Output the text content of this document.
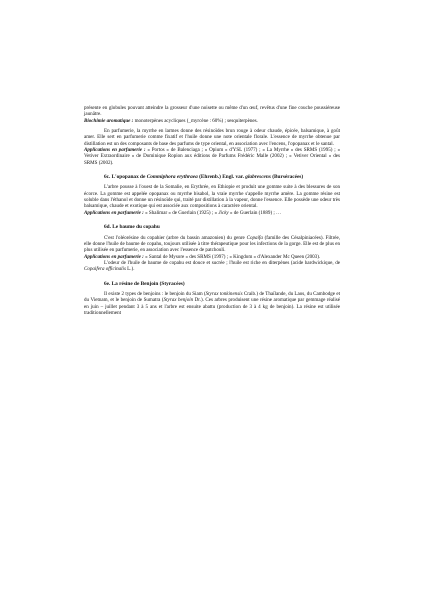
présente en globules pouvant atteindre la grosseur d'une noisette ou même d'un œuf, revêtus d'une fine couche poussiéreuse jaunâtre.

Biochimie aromatique : monoterpènes acycliques (_myrcène : 60%) ; sesquiterpènes.

En parfumerie, la myrrhe en larmes donne des résinoïdes brun rouge à odeur chaude, épicée, balsamique, à goût amer. Elle sert en parfumerie comme fixatif et l'huile donne une note orientale florale. L'essence de myrrhe obtenue par distillation est un des composants de base des parfums de type oriental, en association avec l'encens, l'opopanax et le santal.

Applications en parfumerie : « Portos » de Balenciaga ; « Opium » d'YSL (1977) ; « La Myrrhe » des SRMS (1995) ; « Vetiver Extraordinaire » de Dominique Ropion aux éditions de Parfums Frédéric Malle (2002) ; « Vetiver Oriental » des SRMS (2002).

6c. L'opopanax de Commiphora erythraea (Ehrenb.) Engl. var. glabrescens (Burséracées)

L'arbre pousse à l'ouest de la Somalie, en Erythrée, en Ethiopie et produit une gomme suite à des blessures de son écorce. La gomme est appelée opopanax ou myrrhe bisabol, la vraie myrrhe s'appelle myrrhe amère. La gomme résine est soluble dans l'éthanol et donne un résinoïde qui, traité par distillation à la vapeur, donne l'essence. Elle possède une odeur très balsamique, chaude et exotique qui est associée aux compositions à caractère oriental.

Applications en parfumerie : « Shalimar » de Guerlain (1925) ; « Jicky » de Guerlain (1889) ; …

6d. Le baume du copahu

C'est l'oléorésine du copahier (arbre du bassin amazonien) du genre Copaifa (famille des Césalpiniacées). Filtrée, elle donne l'huile de baume de copahu, toujours utilisée à titre thérapeutique pour les infections de la gorge. Elle est de plus en plus utilisée en parfumerie, en association avec l'essence de patchouli.

Applications en parfumerie : « Santal de Mysore » des SRMS (1997) ; « Kingdom » d'Alexander Mc Queen (2003).

L'odeur de l'huile de baume de copahu est douce et sucrée ; l'huile est riche en diterpènes (acide hardwickique, de Copaifera officinalis L.).

6e. La résine de Benjoin (Styracées)

Il existe 2 types de benjoins : le benjoin du Siam (Styrax tonkinensis Craib.) de Thaïlande, du Laos, du Cambodge et du Vietnam, et le benjoin de Sumatra (Styrax benjoin Dr.). Ces arbres produisent une résine aromatique par gemmage réalisé en juin – juillet pendant 3 à 5 ans et l'arbre est ensuite abattu (production de 3 à 4 kg de benjoin). La résine est utilisée traditionnellement
